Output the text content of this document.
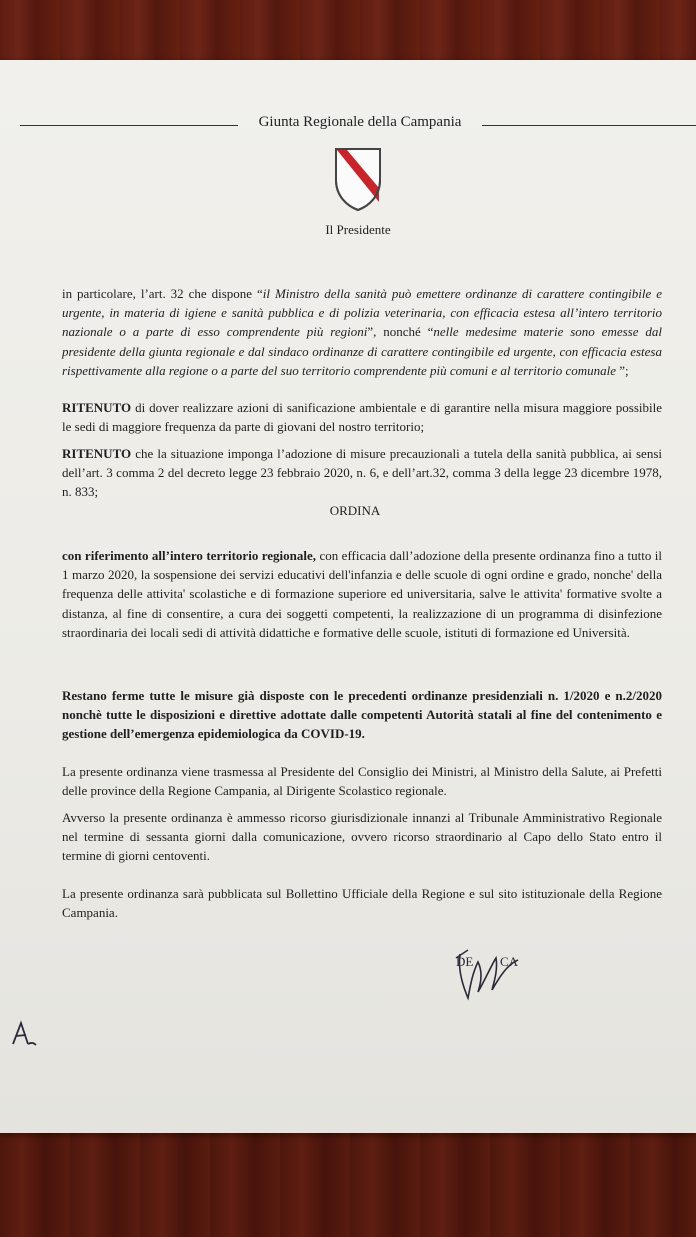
Giunta Regionale della Campania
Il Presidente
in particolare, l’art. 32 che dispone “il Ministro della sanità può emettere ordinanze di carattere contingibile e urgente, in materia di igiene e sanità pubblica e di polizia veterinaria, con efficacia estesa all’intero territorio nazionale o a parte di esso comprendente più regioni”, nonché “nelle medesime materie sono emesse dal presidente della giunta regionale e dal sindaco ordinanze di carattere contingibile ed urgente, con efficacia estesa rispettivamente alla regione o a parte del suo territorio comprendente più comuni e al territorio comunale ”;
RITENUTO di dover realizzare azioni di sanificazione ambientale e di garantire nella misura maggiore possibile le sedi di maggiore frequenza da parte di giovani del nostro territorio;
RITENUTO che la situazione imponga l’adozione di misure precauzionali a tutela della sanità pubblica, ai sensi dell’art. 3 comma 2 del decreto legge 23 febbraio 2020, n. 6, e dell’art.32, comma 3 della legge 23 dicembre 1978, n. 833;
ORDINA
con riferimento all’intero territorio regionale, con efficacia dall’adozione della presente ordinanza fino a tutto il 1 marzo 2020, la sospensione dei servizi educativi dell'infanzia e delle scuole di ogni ordine e grado, nonche' della frequenza delle attivita' scolastiche e di formazione superiore ed universitaria, salve le attivita' formative svolte a distanza, al fine di consentire, a cura dei soggetti competenti, la realizzazione di un programma di disinfezione straordinaria dei locali sedi di attività didattiche e formative delle scuole, istituti di formazione ed Università.
Restano ferme tutte le misure già disposte con le precedenti ordinanze presidenziali n. 1/2020 e n.2/2020 nonchè tutte le disposizioni e direttive adottate dalle competenti Autorità statali al fine del contenimento e gestione dell’emergenza epidemiologica da COVID-19.
La presente ordinanza viene trasmessa al Presidente del Consiglio dei Ministri, al Ministro della Salute, ai Prefetti delle province della Regione Campania, al Dirigente Scolastico regionale.
Avverso la presente ordinanza è ammesso ricorso giurisdizionale innanzi al Tribunale Amministrativo Regionale nel termine di sessanta giorni dalla comunicazione, ovvero ricorso straordinario al Capo dello Stato entro il termine di giorni centoventi.
La presente ordinanza sarà pubblicata sul Bollettino Ufficiale della Regione e sul sito istituzionale della Regione Campania.
DE CA
